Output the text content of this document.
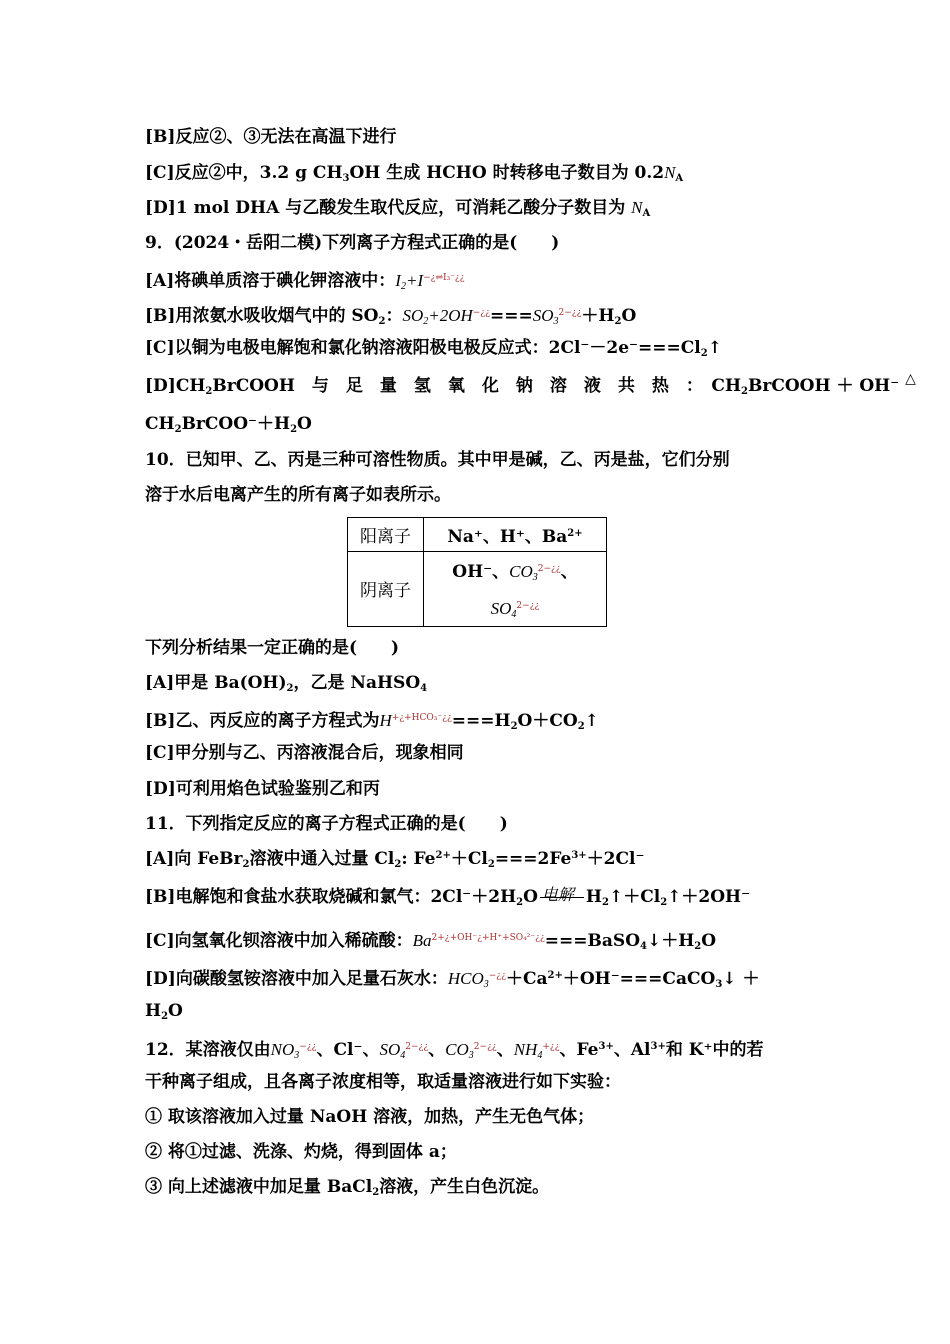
[B]反应②、③无法在高温下进行
[C]反应②中，3.2 g $CH_3OH$ 生成 HCHO 时转移电子数目为 $0.2N_A$
[D]1 mol DHA 与乙酸发生取代反应，可消耗乙酸分子数目为 $N_A$
9．(2024・岳阳二模)下列离子方程式正确的是(　　)
[A]将碘单质溶于碘化钾溶液中：$I_2+I^{-¿\rightleftharpoons I_3^-¿¿}$
[B]用浓氨水吸收烟气中的 $SO_2$：$SO_2+2OH^{-¿¿}===SO_3^{2-¿¿}+H_2O$
[C]以铜为电极电解饱和氯化钠溶液阳极电极反应式：$2Cl^--2e^-===Cl_2↑$
$[D]CH_2BrCOOH$　与　足　量　氢　氧　化　钠　溶　液　共　热　：　$CH_2BrCOOH + OH^-$ △
$CH_2BrCOO^-+H_2O$
10．已知甲、乙、丙是三种可溶性物质。其中甲是碱，乙、丙是盐，它们分别
溶于水后电离产生的所有离子如表所示。
阳离子	Na⁺、H⁺、$Ba^{2+}$
阴离子	OH⁻、$CO_3^{2-¿¿}$、
$SO_4^{2-¿¿}$
下列分析结果一定正确的是(　　)
[A]甲是 $Ba(OH)_2$，乙是 NaHSO$_4$
[B]乙、丙反应的离子方程式为$H^{+¿+HCO_3^-¿¿}===H_2O+CO_2↑$
[C]甲分别与乙、丙溶液混合后，现象相同
[D]可利用焰色试验鉴别乙和丙
11．下列指定反应的离子方程式正确的是(　　)
[A]向 FeBr$_2$溶液中通入过量 $Cl_2$: $Fe^{2+}+Cl_2===2Fe^{3+}+2Cl^-$
[B]电解饱和食盐水获取烧碱和氯气：$2Cl^-+2H_2O$ 电解 $H_2↑+Cl_2↑+2OH^-$
[C]向氢氧化钡溶液中加入稀硫酸：$Ba^{2+¿+OH^-¿+H^++SO_4^{2-}¿¿}===BaSO_4↓+H_2O$
[D]向碳酸氢铵溶液中加入足量石灰水：$HCO_3^{-¿¿}+Ca^{2+}+OH^-===CaCO_3↓$ ＋
$H_2O$
12．某溶液仅由$NO_3^{-¿¿}$、Cl⁻、$SO_4^{2-¿¿}$、$CO_3^{2-¿¿}$、$NH_4^{+¿¿}$、$Fe^{3+}$、$Al^{3+}$和 K⁺中的若
干种离子组成，且各离子浓度相等，取适量溶液进行如下实验：
① 取该溶液加入过量 NaOH 溶液，加热，产生无色气体；
② 将①过滤、洗涤、灼烧，得到固体 a；
③ 向上述滤液中加足量 BaCl$_2$溶液，产生白色沉淀。
